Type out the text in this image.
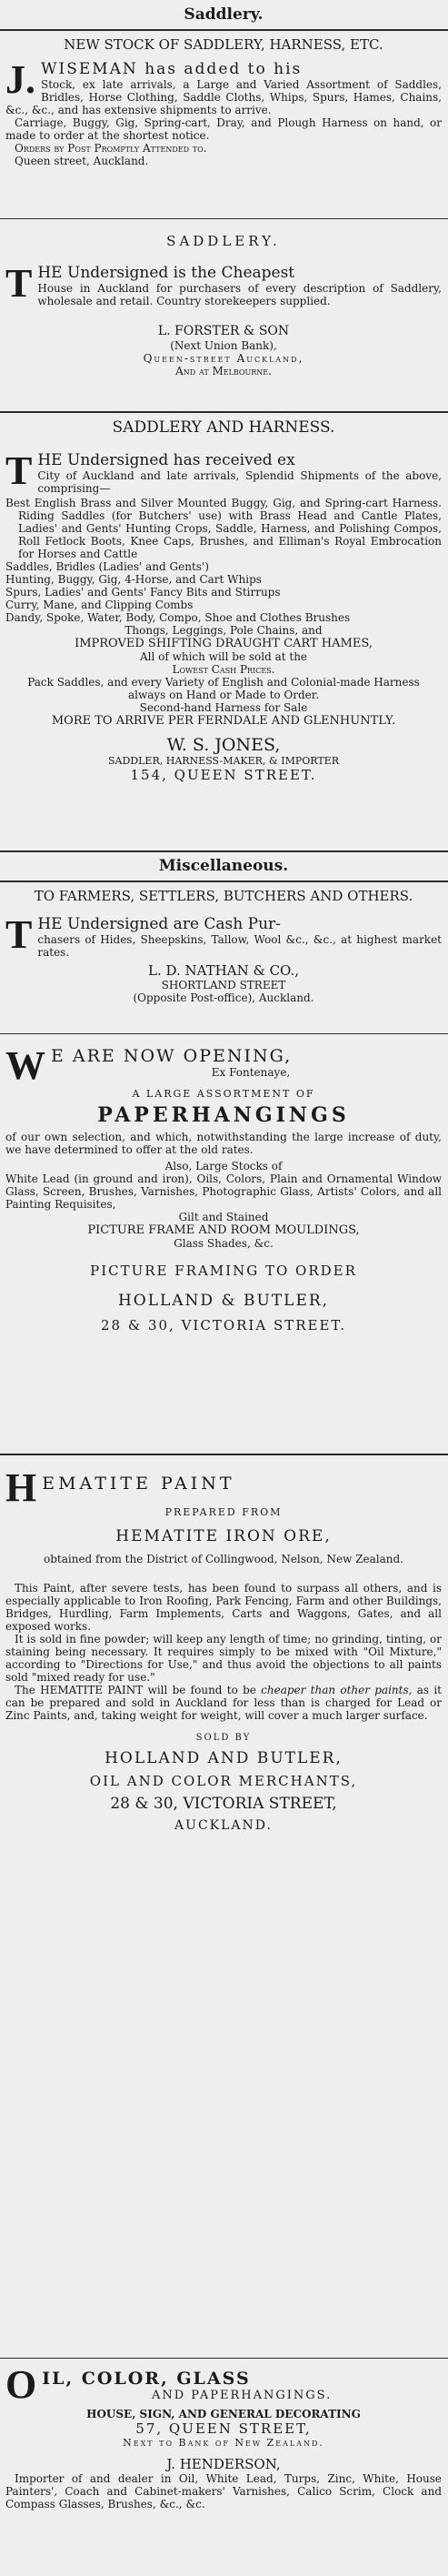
Saddlery.

NEW STOCK OF SADDLERY, HARNESS, ETC.

J. WISEMAN has added to his

Stock, ex late arrivals, a Large and Varied Assortment of Saddles, Bridles, Horse Clothing, Saddle Cloths, Whips, Spurs, Hames, Chains, &c., &c., and has extensive shipments to arrive.

Carriage, Buggy, Gig, Spring-cart, Dray, and Plough Harness on hand, or made to order at the shortest notice.

Orders by Post Promptly Attended to.

Queen street, Auckland.

SADDLERY.

T HE Undersigned is the Cheapest

House in Auckland for purchasers of every description of Saddlery, wholesale and retail. Country storekeepers supplied.

L. FORSTER & SON

(Next Union Bank),

Queen-street Auckland,

And at Melbourne.

SADDLERY AND HARNESS.

T HE Undersigned has received ex

City of Auckland and late arrivals, Splendid Shipments of the above, comprising—

Best English Brass and Silver Mounted Buggy, Gig, and Spring-cart Harness. Riding Saddles (for Butchers' use) with Brass Head and Cantle Plates, Ladies' and Gents' Hunting Crops, Saddle, Harness, and Polishing Compos, Roll Fetlock Boots, Knee Caps, Brushes, and Elliman's Royal Embrocation for Horses and Cattle

Saddles, Bridles (Ladies' and Gents')

Hunting, Buggy, Gig, 4-Horse, and Cart Whips

Spurs, Ladies' and Gents' Fancy Bits and Stirrups

Curry, Mane, and Clipping Combs

Dandy, Spoke, Water, Body, Compo, Shoe and Clothes Brushes

Thongs, Leggings, Pole Chains, and

IMPROVED SHIFTING DRAUGHT CART HAMES,

All of which will be sold at the

Lowest Cash Prices.

Pack Saddles, and every Variety of English and Colonial-made Harness always on Hand or Made to Order.

Second-hand Harness for Sale

MORE TO ARRIVE PER FERNDALE AND GLENHUNTLY.

W. S. JONES,

SADDLER, HARNESS-MAKER, & IMPORTER

154, QUEEN STREET.

Miscellaneous.

TO FARMERS, SETTLERS, BUTCHERS AND OTHERS.

T HE Undersigned are Cash Pur-

chasers of Hides, Sheepskins, Tallow, Wool &c., &c., at highest market rates.

L. D. NATHAN & CO.,

SHORTLAND STREET

(Opposite Post-office), Auckland.

W E ARE NOW OPENING,

Ex Fontenaye,

A LARGE ASSORTMENT OF

PAPERHANGINGS

of our own selection, and which, notwithstanding the large increase of duty, we have determined to offer at the old rates.

Also, Large Stocks of

White Lead (in ground and iron), Oils, Colors, Plain and Ornamental Window Glass, Screen, Brushes, Varnishes, Photographic Glass, Artists' Colors, and all Painting Requisites,

Gilt and Stained

PICTURE FRAME AND ROOM MOULDINGS,

Glass Shades, &c.

PICTURE FRAMING TO ORDER

HOLLAND & BUTLER,

28 & 30, VICTORIA STREET.

H EMATITE PAINT

PREPARED FROM

HEMATITE IRON ORE,

obtained from the District of Collingwood, Nelson, New Zealand.

This Paint, after severe tests, has been found to surpass all others, and is especially applicable to Iron Roofing, Park Fencing, Farm and other Buildings, Bridges, Hurdling, Farm Implements, Carts and Waggons, Gates, and all exposed works.

It is sold in fine powder; will keep any length of time; no grinding, tinting, or staining being necessary. It requires simply to be mixed with "Oil Mixture," according to "Directions for Use," and thus avoid the objections to all paints sold "mixed ready for use."

The HEMATITE PAINT will be found to be cheaper than other paints, as it can be prepared and sold in Auckland for less than is charged for Lead or Zinc Paints, and, taking weight for weight, will cover a much larger surface.

SOLD BY

HOLLAND AND BUTLER,

OIL AND COLOR MERCHANTS,

28 & 30, VICTORIA STREET,

AUCKLAND.

O IL, COLOR, GLASS

AND PAPERHANGINGS.

HOUSE, SIGN, AND GENERAL DECORATING

57, QUEEN STREET,

Next to Bank of New Zealand.

J. HENDERSON,

Importer of and dealer in Oil, White Lead, Turps, Zinc, White, House Painters', Coach and Cabinet-makers' Varnishes, Calico Scrim, Clock and Compass Glasses, Brushes, &c., &c.
